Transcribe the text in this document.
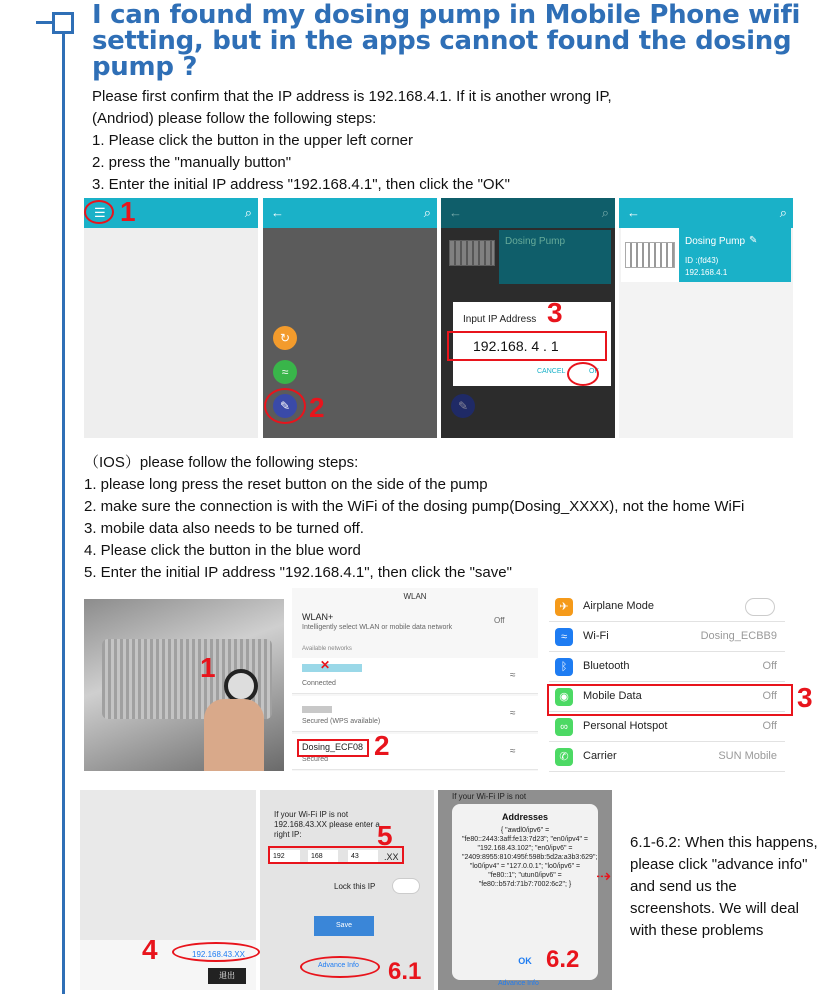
I can found my dosing pump in Mobile Phone wifi setting, but in the apps cannot found the dosing pump ?
Please first confirm that the IP address is 192.168.4.1. If it is another wrong IP,
(Andriod) please follow the following steps:
1. Please click the button in the upper left corner
2. press the "manually button"
3. Enter the initial IP address "192.168.4.1", then click the "OK"
☰	⌕
1	←	⌕
↻
≈
✎ 2
←	⌕
Dosing Pump
Input IP Address
192.168. 4 . 1
CANCEL	OK
✎
3
←	⌕
Dosing Pump ✎
ID :(fd43)
192.168.4.1
（IOS）please follow the following steps:
1. please long press the reset button on the side of the pump
2. make sure the connection is with the WiFi of the dosing pump(Dosing_XXXX), not the home WiFi
3. mobile data also needs to be turned off.
4. Please click the button in the blue word
5. Enter the initial IP address "192.168.4.1", then click the "save"
1
WLAN
WLAN+
Intelligently select WLAN or mobile data network
Off
Available networks
✕
Connected
≈
Secured (WPS available)
≈
Dosing_ECF08
Secured
≈
2
✈	Airplane Mode
≈	Wi-Fi	Dosing_ECBB9
ᛒ	Bluetooth	Off
◉	Mobile Data	Off
∞	Personal Hotspot	Off
✆	Carrier	SUN Mobile
3
192.168.43.XX
退出
4
If your Wi-Fi IP is not 192.168.43.XX please enter a right IP:
192	168	43	.XX
Lock this IP
Save
Advance Info
5
6.1
If your Wi-Fi IP is not
Addresses
{ "awdl0/ipv6" = "fe80::2443:3aff:fe13:7d23"; "en0/ipv4" = "192.168.43.102"; "en0/ipv6" = "2409:8955:810:495f:598b:5d2a:a3b3:629"; "lo0/ipv4" = "127.0.0.1"; "lo0/ipv6" = "fe80::1"; "utun0/ipv6" = "fe80::b57d:71b7:7002:6c2"; }
OK
Advance Info
6.2
⇢
6.1-6.2: When this happens, please click "advance info" and send us the screenshots. We will deal with these problems
